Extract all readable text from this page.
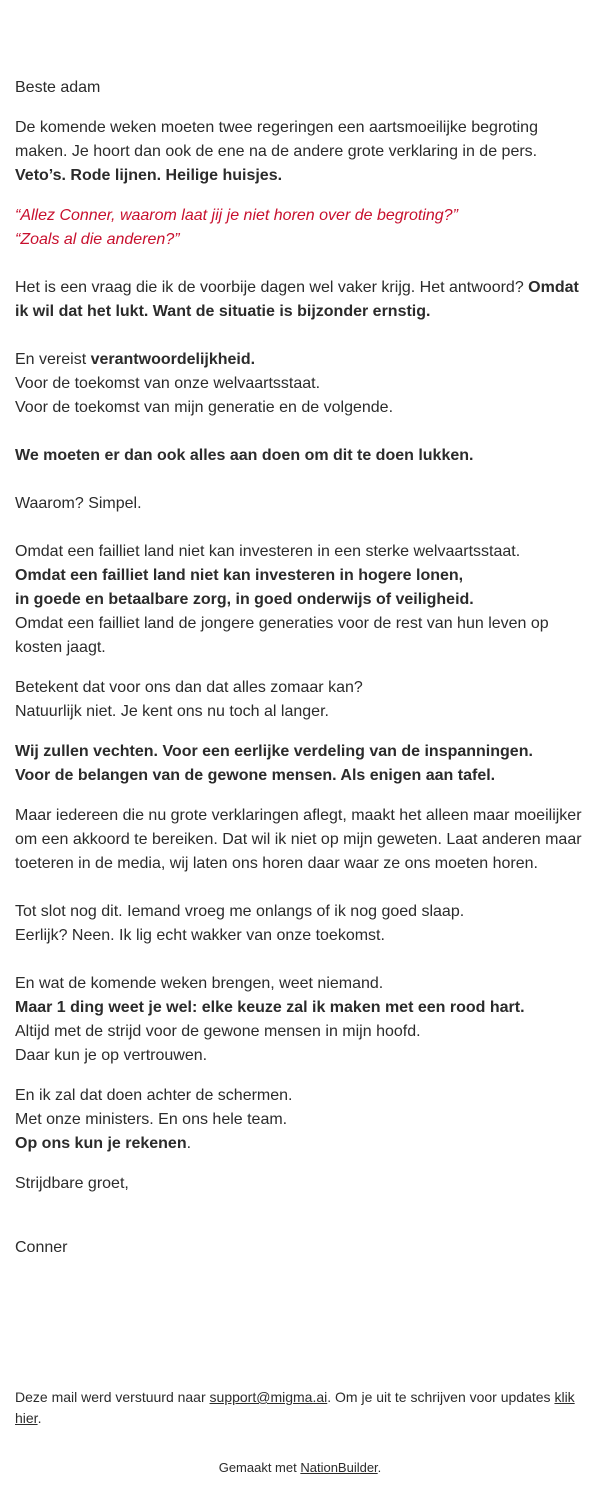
Beste adam

De komende weken moeten twee regeringen een aartsmoeilijke begroting maken. Je hoort dan ook de ene na de andere grote verklaring in de pers.
Veto’s. Rode lijnen. Heilige huisjes.

“Allez Conner, waarom laat jij je niet horen over de begroting?”
“Zoals al die anderen?”

Het is een vraag die ik de voorbije dagen wel vaker krijg. Het antwoord? Omdat ik wil dat het lukt. Want de situatie is bijzonder ernstig.

En vereist verantwoordelijkheid.
Voor de toekomst van onze welvaartsstaat.
Voor de toekomst van mijn generatie en de volgende.

We moeten er dan ook alles aan doen om dit te doen lukken.

Waarom? Simpel.

Omdat een failliet land niet kan investeren in een sterke welvaartsstaat.
Omdat een failliet land niet kan investeren in hogere lonen,
in goede en betaalbare zorg, in goed onderwijs of veiligheid.
Omdat een failliet land de jongere generaties voor de rest van hun leven op kosten jaagt.

Betekent dat voor ons dan dat alles zomaar kan?
Natuurlijk niet. Je kent ons nu toch al langer.

Wij zullen vechten. Voor een eerlijke verdeling van de inspanningen.
Voor de belangen van de gewone mensen. Als enigen aan tafel.

Maar iedereen die nu grote verklaringen aflegt, maakt het alleen maar moeilijker om een akkoord te bereiken. Dat wil ik niet op mijn geweten. Laat anderen maar toeteren in de media, wij laten ons horen daar waar ze ons moeten horen.

Tot slot nog dit. Iemand vroeg me onlangs of ik nog goed slaap.
Eerlijk? Neen. Ik lig echt wakker van onze toekomst.

En wat de komende weken brengen, weet niemand.
Maar 1 ding weet je wel: elke keuze zal ik maken met een rood hart.
Altijd met de strijd voor de gewone mensen in mijn hoofd.
Daar kun je op vertrouwen.

En ik zal dat doen achter de schermen.
Met onze ministers. En ons hele team.
Op ons kun je rekenen.

Strijdbare groet,

Conner

Deze mail werd verstuurd naar support@migma.ai. Om je uit te schrijven voor updates klik hier.
Gemaakt met NationBuilder.
